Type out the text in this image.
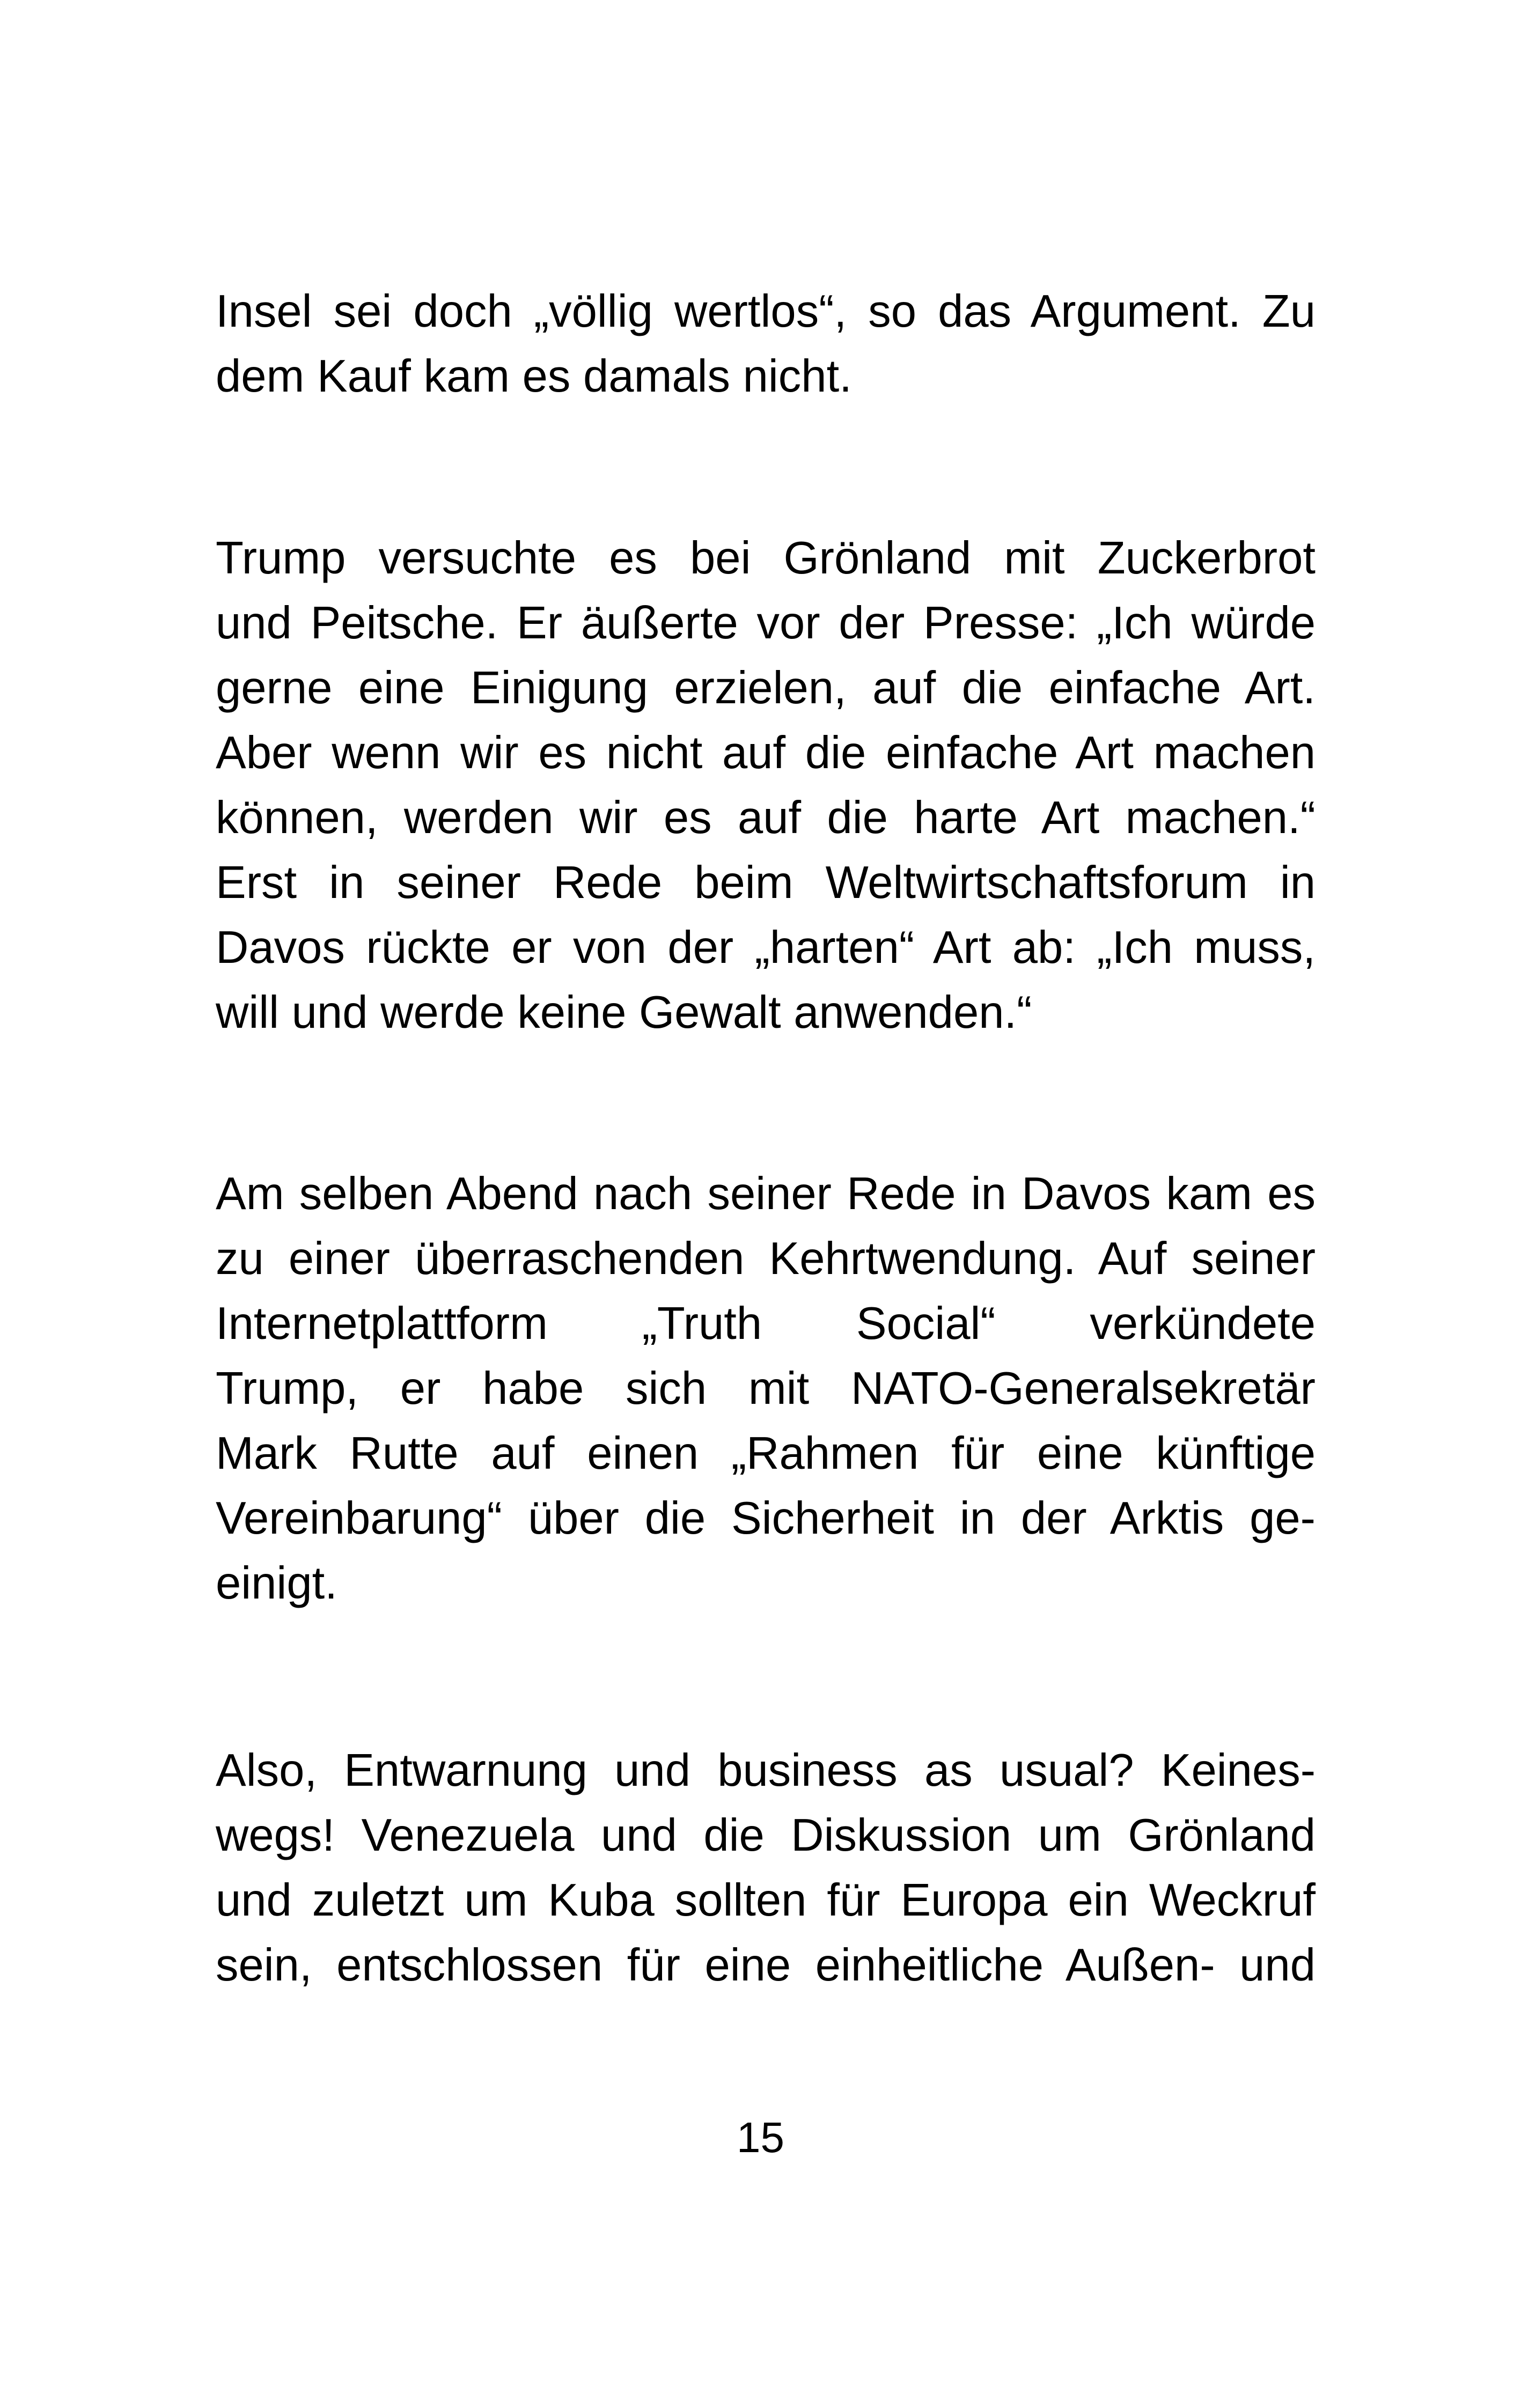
Insel sei doch „völlig wertlos“, so das Argument. Zu
dem Kauf kam es damals nicht.
Trump versuchte es bei Grönland mit Zuckerbrot
und Peitsche. Er äußerte vor der Presse: „Ich würde
gerne eine Einigung erzielen, auf die einfache Art.
Aber wenn wir es nicht auf die einfache Art machen
können, werden wir es auf die harte Art machen.“
Erst in seiner Rede beim Weltwirtschaftsforum in
Davos rückte er von der „harten“ Art ab: „Ich muss,
will und werde keine Gewalt anwenden.“
Am selben Abend nach seiner Rede in Davos kam es
zu einer überraschenden Kehrtwendung. Auf seiner
Internetplattform „Truth Social“ verkündete
Trump, er habe sich mit NATO-Generalsekretär
Mark Rutte auf einen „Rahmen für eine künftige
Vereinbarung“ über die Sicherheit in der Arktis ge-
einigt.
Also, Entwarnung und business as usual? Keines-
wegs! Venezuela und die Diskussion um Grönland
und zuletzt um Kuba sollten für Europa ein Weckruf
sein, entschlossen für eine einheitliche Außen- und
15
